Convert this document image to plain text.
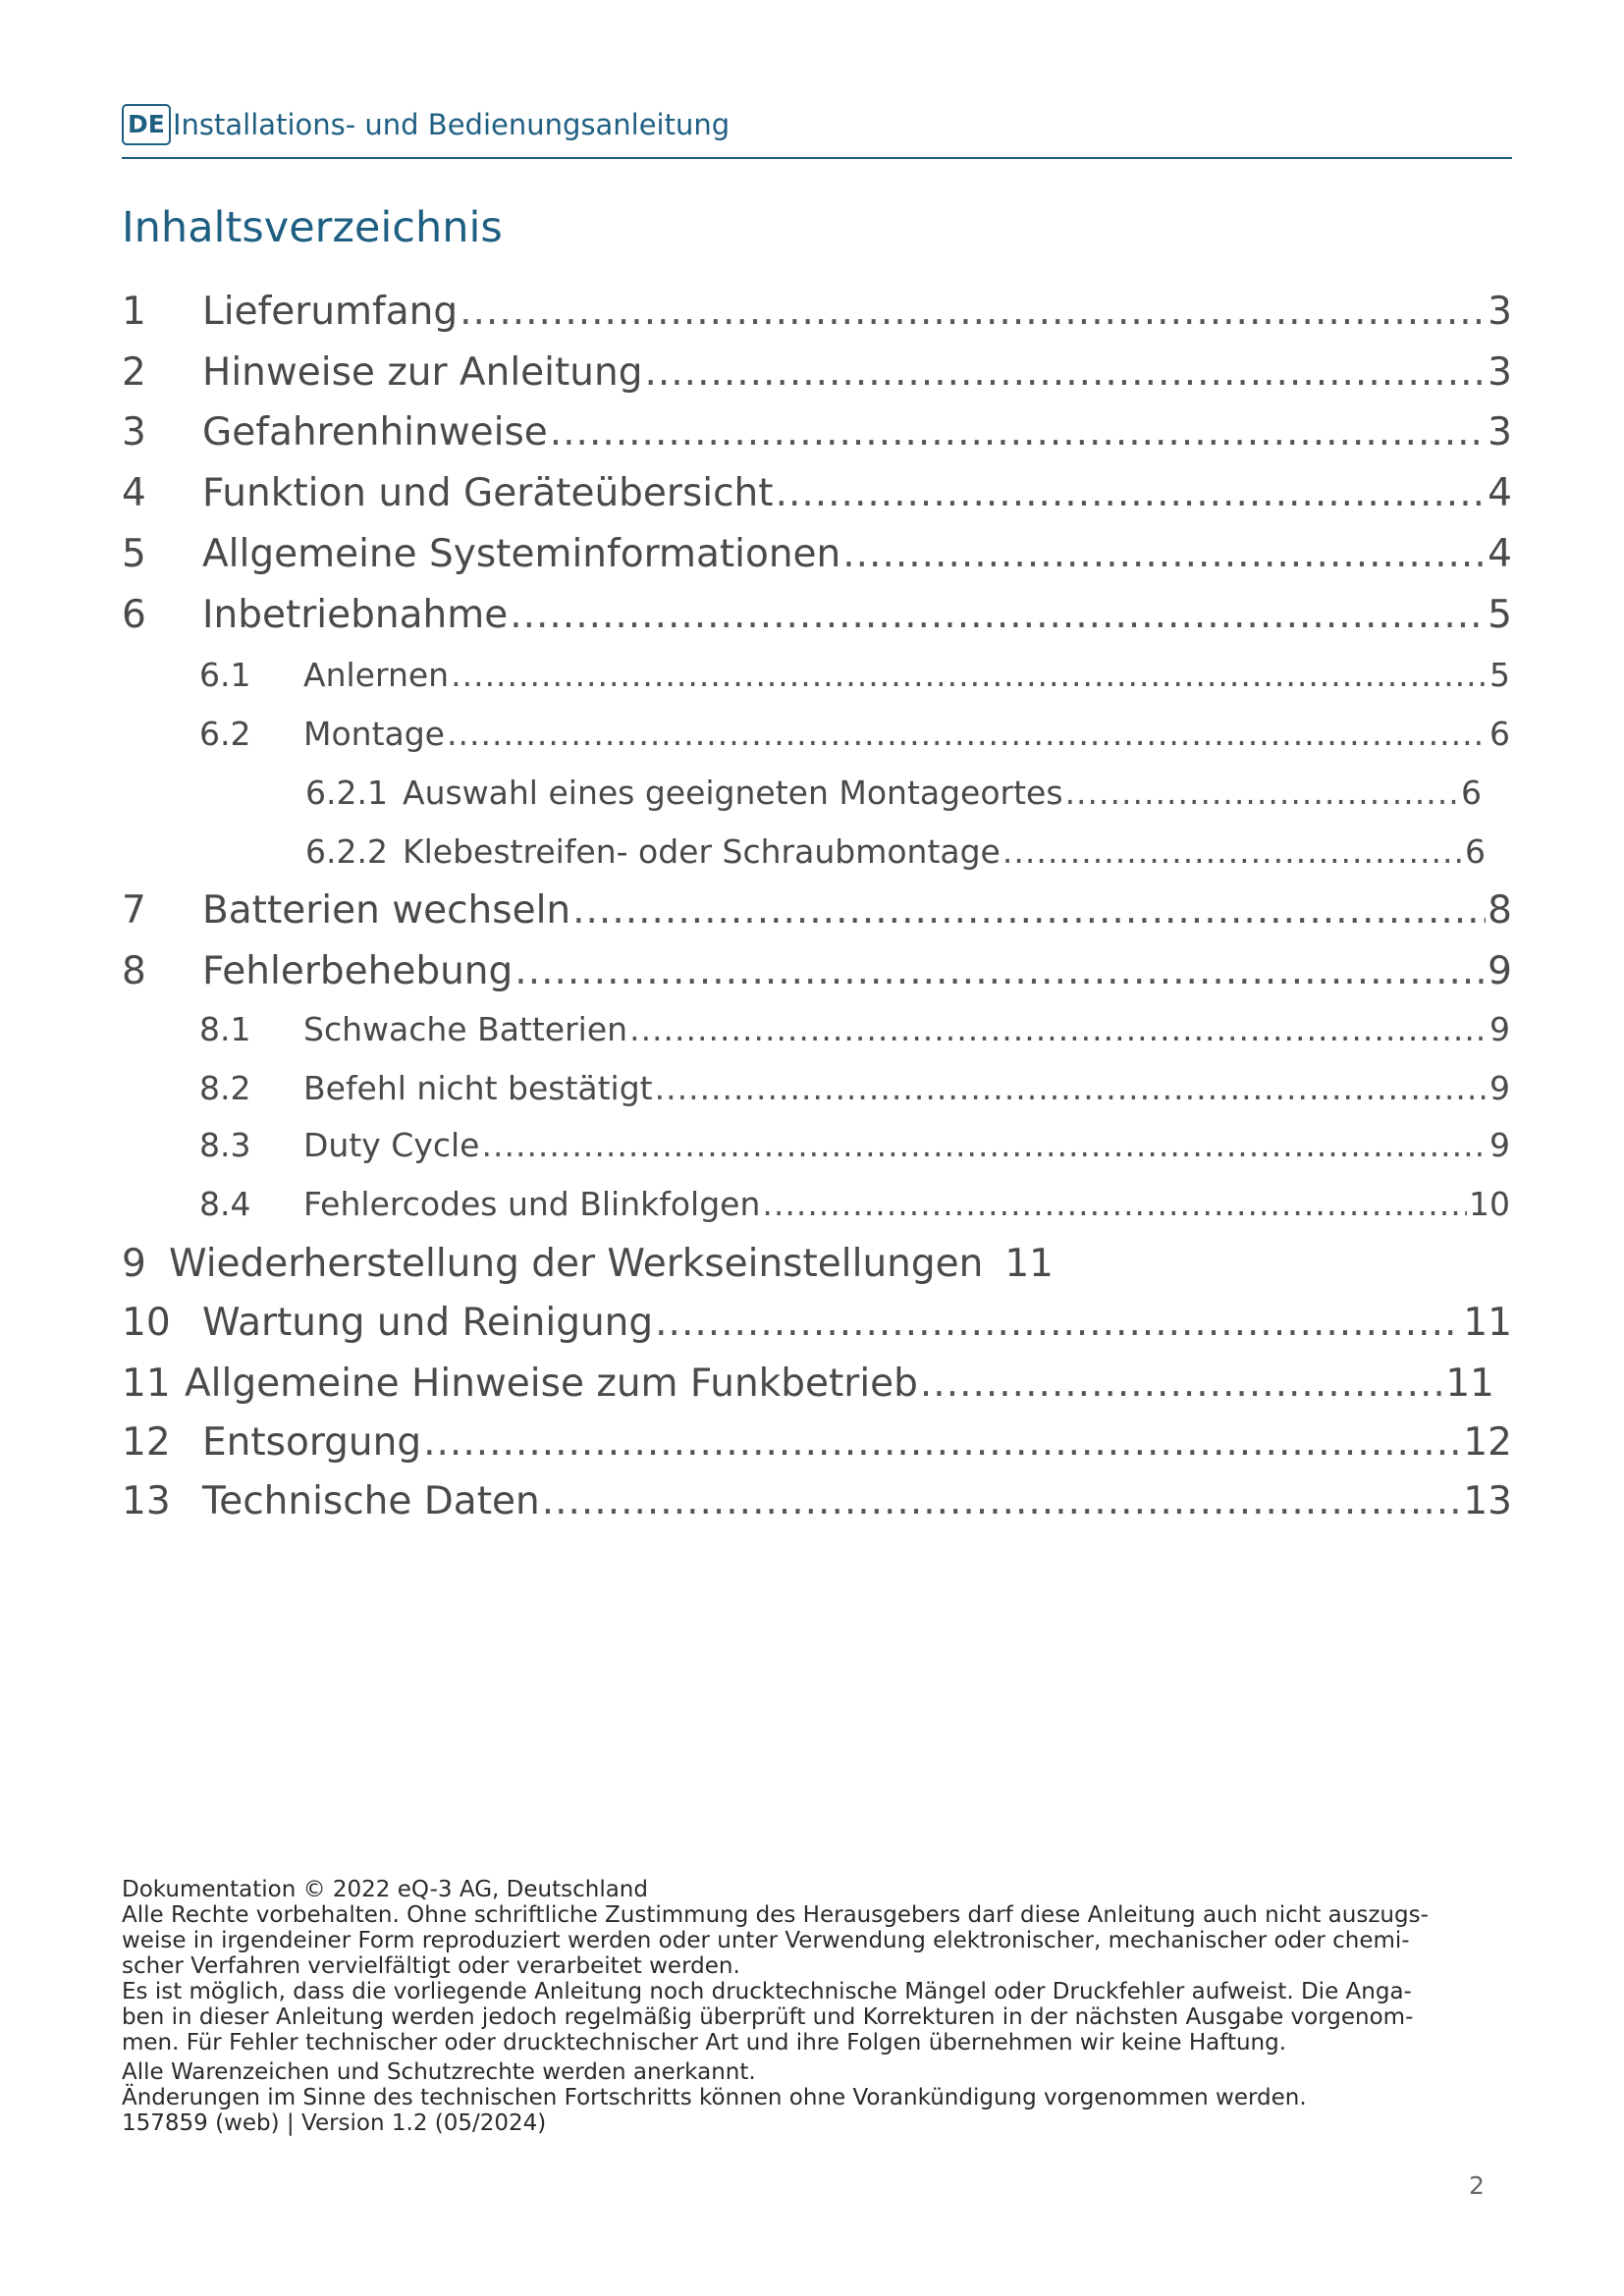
DE Installations- und Bedienungsanleitung
Inhaltsverzeichnis
1	Lieferumfang .....	3
2	Hinweise zur Anleitung .....	3
3	Gefahrenhinweise .....	3
4	Funktion und Geräteübersicht .....	4
5	Allgemeine Systeminformationen .....	4
6	Inbetriebnahme .....	5
6.1	Anlernen .....	5
6.2	Montage .....	6
6.2.1 Auswahl eines geeigneten Montageortes .....	6
6.2.2 Klebestreifen- oder Schraubmontage .....	6
7	Batterien wechseln .....	8
8	Fehlerbehebung .....	9
8.1	Schwache Batterien .....	9
8.2	Befehl nicht bestätigt .....	9
8.3	Duty Cycle .....	9
8.4	Fehlercodes und Blinkfolgen .....	10
9 Wiederherstellung der Werkseinstellungen 11
10 Wartung und Reinigung .....	11
11 Allgemeine Hinweise zum Funkbetrieb .....	11
12 Entsorgung .....	12
13 Technische Daten .....	13

Dokumentation © 2022 eQ-3 AG, Deutschland

Alle Rechte vorbehalten. Ohne schriftliche Zustimmung des Herausgebers darf diese Anleitung auch nicht auszugs-

weise in irgendeiner Form reproduziert werden oder unter Verwendung elektronischer, mechanischer oder chemi-

scher Verfahren vervielfältigt oder verarbeitet werden.

Es ist möglich, dass die vorliegende Anleitung noch drucktechnische Mängel oder Druckfehler aufweist. Die Anga-

ben in dieser Anleitung werden jedoch regelmäßig überprüft und Korrekturen in der nächsten Ausgabe vorgenom-

men. Für Fehler technischer oder drucktechnischer Art und ihre Folgen übernehmen wir keine Haftung.

Alle Warenzeichen und Schutzrechte werden anerkannt.

Änderungen im Sinne des technischen Fortschritts können ohne Vorankündigung vorgenommen werden.

157859 (web) | Version 1.2 (05/2024)

2
